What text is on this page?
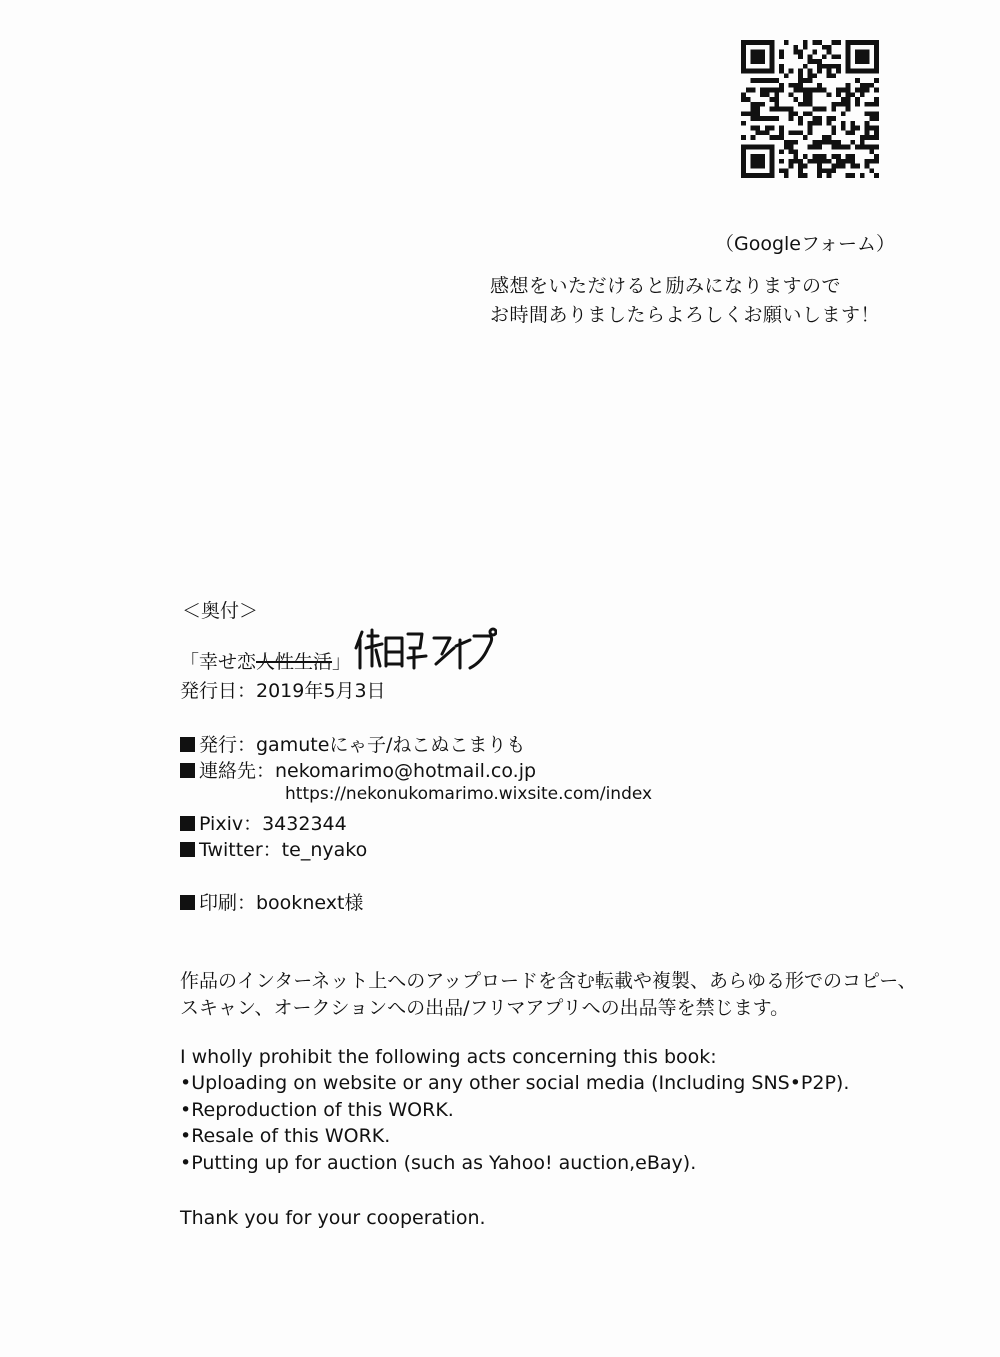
（Googleフォーム）
感想をいただけると励みになりますので
お時間ありましたらよろしくお願いします！
＜奥付＞
「幸せ恋人性生活」
発行日：2019年5月3日
発行：gamuteにゃ子/ねこぬこまりも
連絡先：nekomarimo@hotmail.co.jp
https://nekonukomarimo.wixsite.com/index
Pixiv：3432344
Twitter：te_nyako
印刷：booknext様
作品のインターネット上へのアップロードを含む転載や複製、あらゆる形でのコピー、
スキャン、オークションへの出品/フリマアプリへの出品等を禁じます。
I wholly prohibit the following acts concerning this book:
•Uploading on website or any other social media (Including SNS•P2P).
•Reproduction of this WORK.
•Resale of this WORK.
•Putting up for auction (such as Yahoo! auction,eBay).
Thank you for your cooperation.
